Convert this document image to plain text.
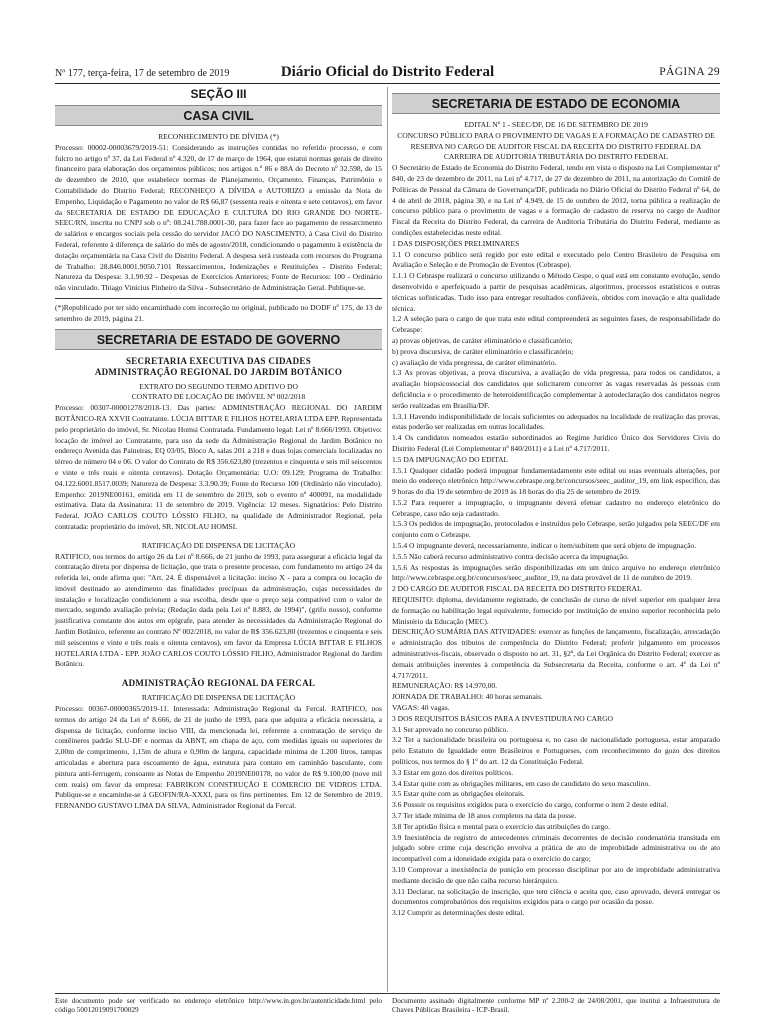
Nº 177, terça-feira, 17 de setembro de 2019	Diário Oficial do Distrito Federal	PÁGINA 29
SEÇÃO III
CASA CIVIL

RECONHECIMENTO DE DÍVIDA (*)

Processo: 00002-00003679/2019-51: Considerando as instruções contidas no referido processo, e com fulcro no artigo nº 37, da Lei Federal nº 4.320, de 17 de março de 1964, que estatui normas gerais de direito financeiro para elaboração dos orçamentos públicos; nos artigos n.º 86 e 88A do Decreto nº 32.598, de 15 de dezembro de 2010, que estabelece normas de Planejamento, Orçamento, Finanças, Patrimônio e Contabilidade do Distrito Federal; RECONHEÇO A DÍVIDA e AUTORIZO a emissão da Nota de Empenho, Liquidação e Pagamento no valor de R$ 66,87 (sessenta reais e oitenta e sete centavos), em favor da SECRETARIA DE ESTADO DE EDUCAÇÃO E CULTURA DO RIO GRANDE DO NORTE- SEEC/RN, inscrita no CNPJ sob o nº: 08.241.788.0001-30, para fazer face ao pagamento de ressarcimento de salários e encargos sociais pela cessão do servidor JACÓ DO NASCIMENTO, à Casa Civil do Distrito Federal, referente à diferença de salário do mês de agosto/2018, condicionando o pagamento à existência de dotação orçamentária na Casa Civil do Distrito Federal. A despesa será custeada com recursos do Programa de Trabalho: 28.846.0001.9050.7101 Ressarcimentos, Indenizações e Restituições - Distrito Federal; Natureza da Despesa: 3.1.90.92 - Despesas de Exercícios Anteriores; Fonte de Recursos: 100 - Ordinário não vinculado. Thiago Vinícius Pinheiro da Silva - Subsecretário de Administração Geral. Publique-se.

(*)Republicado por ter sido encaminhado com incorreção no original, publicado no DODF nº 175, de 13 de setembro de 2019, página 21.

SECRETARIA DE ESTADO DE GOVERNO
SECRETARIA EXECUTIVA DAS CIDADES
ADMINISTRAÇÃO REGIONAL DO JARDIM BOTÂNICO

EXTRATO DO SEGUNDO TERMO ADITIVO DO

CONTRATO DE LOCAÇÃO DE IMÓVEL Nº 002/2018

Processo: 00307-00001278/2018-13. Das partes: ADMINISTRAÇÃO REGIONAL DO JARDIM BOTÂNICO-RA XXVII Contratante. LÚCIA BITTAR E FILHOS HOTELARIA LTDA EPP. Representada pelo proprietário do imóvel, Sr. Nicolau Homsi Contratada. Fundamento legal: Lei nº 8.666/1993. Objetivo: locação de imóvel ao Contratante, para uso da sede da Administração Regional do Jardim Botânico no endereço Avenida das Paineiras, EQ 03/05, Bloco A, salas 201 a 218 e duas lojas comerciais localizadas no térreo de número 04 e 06. O valor do Contrato de R$ 356.623,80 (trezentos e cinquenta e seis mil seiscentos e vinte e três reais e oitenta centavos). Dotação Orçamentária: U.O: 09.129; Programa de Trabalho: 04.122.6001.8517.0039; Natureza de Despesa: 3.3.90.39; Fonte do Recurso 100 (Ordinário não vinculado). Empenho: 2019NE00161, emitida em 11 de setembro de 2019, sob o evento nº 400091, na modalidade estimativa. Data da Assinatura: 11 de setembro de 2019. Vigência: 12 meses. Signatários: Pelo Distrito Federal. JOÃO CARLOS COUTO LÓSSIO FILHO, na qualidade de Administrador Regional, pela contratada: proprietário do imóvel, SR. NICOLAU HOMSI.

RATIFICAÇÃO DE DISPENSA DE LICITAÇÃO

RATIFICO, nos termos do artigo 26 da Lei nº 8.666, de 21 junho de 1993, para assegurar a eficácia legal da contratação direta por dispensa de licitação, que trata o presente processo, com fundamento no artigo 24 da referida lei, onde afirma que: "Art. 24. É dispensável a licitação: inciso X - para a compra ou locação de imóvel destinado ao atendimento das finalidades precípuas da administração, cujas necessidades de instalação e localização condicionem a sua escolha, desde que o preço seja compatível com o valor de mercado, segundo avaliação prévia; (Redação dada pela Lei nº 8.883, de 1994)", (grifo nosso), conforme justificativa constante dos autos em epígrafe, para atender às necessidades da Administração Regional do Jardim Botânico, referente ao contrato Nº 002/2018, no valor de R$ 356.623,80 (trezentos e cinquenta e seis mil seiscentos e vinte e três reais e oitenta centavos), em favor da Empresa LÚCIA BITTAR E FILHOS HOTELARIA LTDA - EPP. JOÃO CARLOS COUTO LÓSSIO FILHO, Administrador Regional do Jardim Botânico.

ADMINISTRAÇÃO REGIONAL DA FERCAL

RATIFICAÇÃO DE DISPENSA DE LICITAÇÃO

Processo: 00367-00000365/2019-11. Interessada: Administração Regional da Fercal. RATIFICO, nos termos do artigo 24 da Lei nº 8.666, de 21 de junho de 1993, para que adquira a eficácia necessária, a dispensa de licitação, conforme inciso VIII, da mencionada lei, referente a contratação de serviço de contêineres padrão SLU-DF e normas da ABNT, em chapa de aço, com medidas iguais ou superiores de 2,00m de comprimento, 1,15m de altura e 0,90m de largura, capacidade mínima de 1.200 litros, tampas articuladas e abertura para escoamento de água, estrutura para contato em caminhão basculante, com pintura anti-ferrugem, consoante as Notas de Empenho 2019NE00178, no valor de R$ 9.100,00 (nove mil cem reais) em favor da empresa: FABRIKON CONSTRUÇÃO E COMERCIO DE VIDROS LTDA. Publique-se e encaminhe-se à GEOFIN/RA-XXXI, para os fins pertinentes. Em 12 de Setembro de 2019. FERNANDO GUSTAVO LIMA DA SILVA, Administrador Regional da Fercal.

SECRETARIA DE ESTADO DE ECONOMIA

EDITAL Nº 1 - SEEC/DF, DE 16 DE SETEMBRO DE 2019

CONCURSO PÚBLICO PARA O PROVIMENTO DE VAGAS E A FORMAÇÃO DE CADASTRO DE RESERVA NO CARGO DE AUDITOR FISCAL DA RECEITA DO DISTRITO FEDERAL DA CARREIRA DE AUDITORIA TRIBUTÁRIA DO DISTRITO FEDERAL

O Secretário de Estado de Economia do Distrito Federal, tendo em vista o disposto na Lei Complementar nº 840, de 23 de dezembro de 2011, na Lei nº 4.717, de 27 de dezembro de 2011, na autorização do Comitê de Políticas de Pessoal da Câmara de Governança/DF, publicada no Diário Oficial do Distrito Federal nº 64, de 4 de abril de 2018, página 30, e na Lei nº 4.949, de 15 de outubro de 2012, torna pública a realização de concurso público para o provimento de vagas e a formação de cadastro de reserva no cargo de Auditor Fiscal da Receita do Distrito Federal, da carreira de Auditoria Tributária do Distrito Federal, mediante as condições estabelecidas neste edital.

1 DAS DISPOSIÇÕES PRELIMINARES

1.1 O concurso público será regido por este edital e executado pelo Centro Brasileiro de Pesquisa em Avaliação e Seleção e de Promoção de Eventos (Cebraspe).

1.1.1 O Cebraspe realizará o concurso utilizando o Método Cespe, o qual está em constante evolução, sendo desenvolvido e aperfeiçoado a partir de pesquisas acadêmicas, algoritmos, processos estatísticos e outras técnicas sofisticadas. Tudo isso para entregar resultados confiáveis, obtidos com inovação e alta qualidade técnica.

1.2 A seleção para o cargo de que trata este edital compreenderá as seguintes fases, de responsabilidade do Cebraspe:

a) provas objetivas, de caráter eliminatório e classificatório;

b) prova discursiva, de caráter eliminatório e classificatório;

c) avaliação de vida pregressa, de caráter eliminatório.

1.3 As provas objetivas, a prova discursiva, a avaliação de vida pregressa, para todos os candidatos, a avaliação biopsicossocial dos candidatos que solicitarem concorrer às vagas reservadas às pessoas com deficiência e o procedimento de heteroidentificação complementar à autodeclaração dos candidatos negros serão realizadas em Brasília/DF.

1.3.1 Havendo indisponibilidade de locais suficientes ou adequados na localidade de realização das provas, estas poderão ser realizadas em outras localidades.

1.4 Os candidatos nomeados estarão subordinados ao Regime Jurídico Único dos Servidores Civis do Distrito Federal (Lei Complementar nº 840/2011) e à Lei nº 4.717/2011.

1.5 DA IMPUGNAÇÃO DO EDITAL

1.5.1 Qualquer cidadão poderá impugnar fundamentadamente este edital ou suas eventuais alterações, por meio do endereço eletrônico http://www.cebraspe.org.br/concursos/seec_auditor_19, em link específico, das 9 horas do dia 19 de setembro de 2019 às 18 horas do dia 25 de setembro de 2019.

1.5.2 Para requerer a impugnação, o impugnante deverá efetuar cadastro no endereço eletrônico do Cebraspe, caso não seja cadastrado.

1.5.3 Os pedidos de impugnação, protocolados e instruídos pelo Cebraspe, serão julgados pela SEEC/DF em conjunto com o Cebraspe.

1.5.4 O impugnante deverá, necessariamente, indicar o item/subitem que será objeto de impugnação.

1.5.5 Não caberá recurso administrativo contra decisão acerca da impugnação.

1.5.6 As respostas às impugnações serão disponibilizadas em um único arquivo no endereço eletrônico http://www.cebraspe.org.br/concursos/seec_auditor_19, na data provável de 11 de outubro de 2019.

2 DO CARGO DE AUDITOR FISCAL DA RECEITA DO DISTRITO FEDERAL

REQUISITO: diploma, devidamente registrado, de conclusão de curso de nível superior em qualquer área de formação ou habilitação legal equivalente, fornecido por instituição de ensino superior reconhecida pelo Ministério da Educação (MEC).

DESCRIÇÃO SUMÁRIA DAS ATIVIDADES: exercer as funções de lançamento, fiscalização, arrecadação e administração dos tributos de competência do Distrito Federal; proferir julgamento em processos administrativos-fiscais, observado o disposto no art. 31, §2º, da Lei Orgânica do Distrito Federal; exercer as demais atribuições inerentes à competência da Subsecretaria da Receita, conforme o art. 4º da Lei nº 4.717/2011.

REMUNERAÇÃO: R$ 14.970,00.

JORNADA DE TRABALHO: 40 horas semanais.

VAGAS: 40 vagas.

3 DOS REQUISITOS BÁSICOS PARA A INVESTIDURA NO CARGO

3.1 Ser aprovado no concurso público.

3.2 Ter a nacionalidade brasileira ou portuguesa e, no caso de nacionalidade portuguesa, estar amparado pelo Estatuto de Igualdade entre Brasileiros e Portugueses, com reconhecimento do gozo dos direitos políticos, nos termos do § 1º do art. 12 da Constituição Federal.

3.3 Estar em gozo dos direitos políticos.

3.4 Estar quite com as obrigações militares, em caso de candidato do sexo masculino.

3.5 Estar quite com as obrigações eleitorais.

3.6 Possuir os requisitos exigidos para o exercício do cargo, conforme o item 2 deste edital.

3.7 Ter idade mínima de 18 anos completos na data da posse.

3.8 Ter aptidão física e mental para o exercício das atribuições do cargo.

3.9 Inexistência de registro de antecedentes criminais decorrentes de decisão condenatória transitada em julgado sobre crime cuja descrição envolva a prática de ato de improbidade administrativa ou de ato incompatível com a idoneidade exigida para o exercício do cargo;

3.10 Comprovar a inexistência de punição em processo disciplinar por ato de improbidade administrativa mediante decisão de que não caiba recurso hierárquico.

3.11 Declarar, na solicitação de inscrição, que tem ciência e aceita que, caso aprovado, deverá entregar os documentos comprobatórios dos requisitos exigidos para o cargo por ocasião da posse.

3.12 Cumprir as determinações deste edital.

Este documento pode ser verificado no endereço eletrônico http://www.in.gov.br/autenticidade.html pelo código 50012019091700029
Documento assinado digitalmente conforme MP nº 2.200-2 de 24/08/2001, que institui a Infraestrutura de Chaves Públicas Brasileira - ICP-Brasil.
